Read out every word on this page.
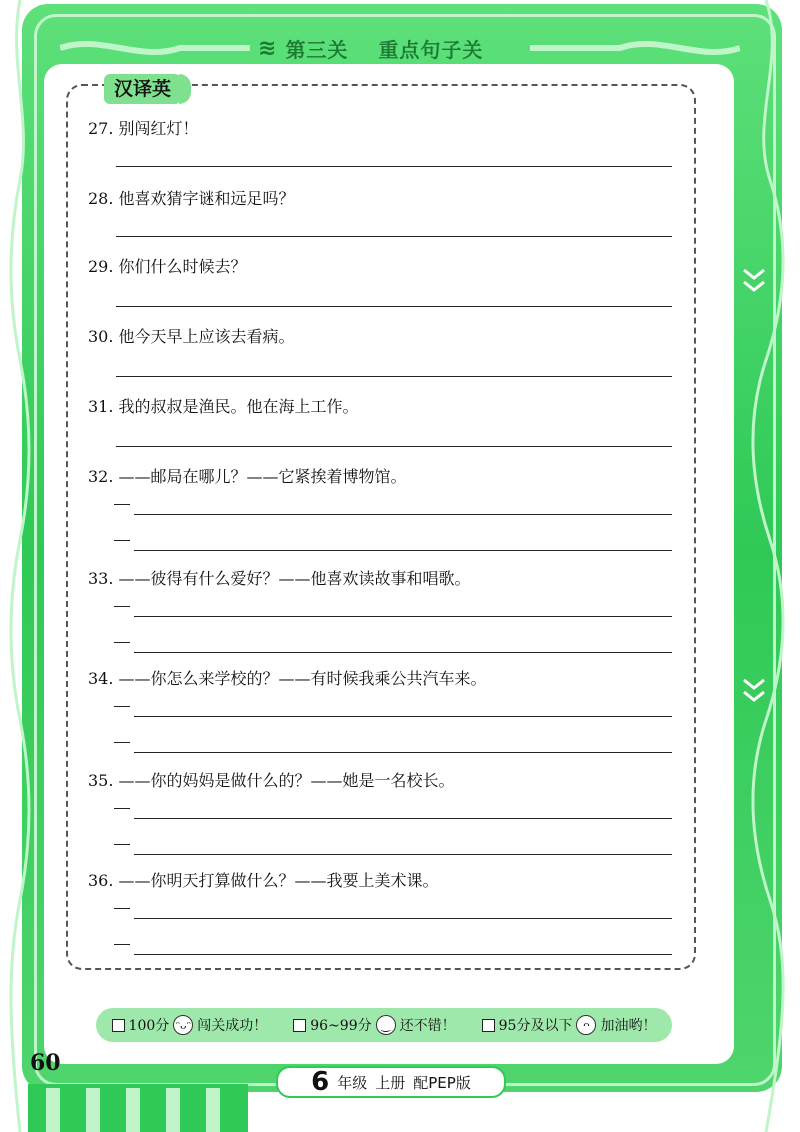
≋ 第三关 重点句子关
汉译英
27. 别闯红灯！
28. 他喜欢猜字谜和远足吗？
29. 你们什么时候去？
30. 他今天早上应该去看病。
31. 我的叔叔是渔民。他在海上工作。
32. ——邮局在哪儿？——它紧挨着博物馆。
33. ——彼得有什么爱好？——他喜欢读故事和唱歌。
34. ——你怎么来学校的？——有时候我乘公共汽车来。
35. ——你的妈妈是做什么的？——她是一名校长。
36. ——你明天打算做什么？——我要上美术课。
100分 ᵔᴗᵔ 闯关成功！	96~99分 ‿ 还不错！	95分及以下 ᴖ 加油哟！
60
6 年级 上册 配PEP版
